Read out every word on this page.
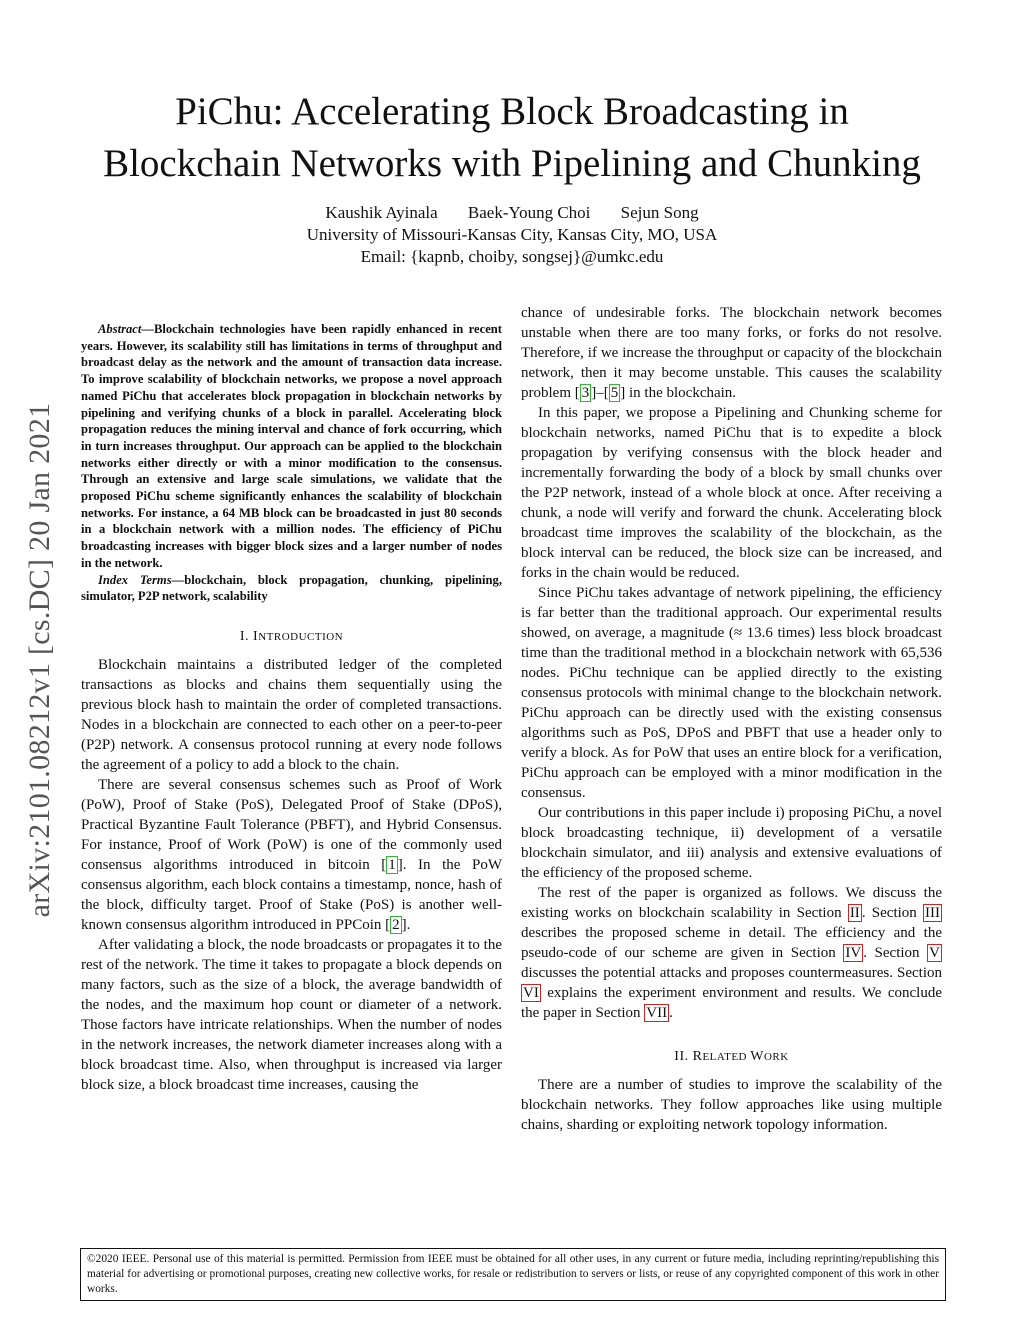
PiChu: Accelerating Block Broadcasting in
Blockchain Networks with Pipelining and Chunking
Kaushik Ayinala Baek-Young Choi Sejun Song
University of Missouri-Kansas City, Kansas City, MO, USA
Email: {kapnb, choiby, songsej}@umkc.edu
arXiv:2101.08212v1 [cs.DC] 20 Jan 2021
Abstract—Blockchain technologies have been rapidly enhanced in recent years. However, its scalability still has limitations in terms of throughput and broadcast delay as the network and the amount of transaction data increase. To improve scalability of blockchain networks, we propose a novel approach named PiChu that accelerates block propagation in blockchain networks by pipelining and verifying chunks of a block in parallel. Accelerating block propagation reduces the mining interval and chance of fork occurring, which in turn increases throughput. Our approach can be applied to the blockchain networks either directly or with a minor modification to the consensus. Through an extensive and large scale simulations, we validate that the proposed PiChu scheme significantly enhances the scalability of blockchain networks. For instance, a 64 MB block can be broadcasted in just 80 seconds in a blockchain network with a million nodes. The efficiency of PiChu broadcasting increases with bigger block sizes and a larger number of nodes in the network.
Index Terms—blockchain, block propagation, chunking, pipelining, simulator, P2P network, scalability
I. INTRODUCTION

Blockchain maintains a distributed ledger of the completed transactions as blocks and chains them sequentially using the previous block hash to maintain the order of completed transactions. Nodes in a blockchain are connected to each other on a peer-to-peer (P2P) network. A consensus protocol running at every node follows the agreement of a policy to add a block to the chain.

There are several consensus schemes such as Proof of Work (PoW), Proof of Stake (PoS), Delegated Proof of Stake (DPoS), Practical Byzantine Fault Tolerance (PBFT), and Hybrid Consensus. For instance, Proof of Work (PoW) is one of the commonly used consensus algorithms introduced in bitcoin [ 1 ]. In the PoW consensus algorithm, each block contains a timestamp, nonce, hash of the block, difficulty target. Proof of Stake (PoS) is another well-known consensus algorithm introduced in PPCoin [ 2 ].

After validating a block, the node broadcasts or propagates it to the rest of the network. The time it takes to propagate a block depends on many factors, such as the size of a block, the average bandwidth of the nodes, and the maximum hop count or diameter of a network. Those factors have intricate relationships. When the number of nodes in the network increases, the network diameter increases along with a block broadcast time. Also, when throughput is increased via larger block size, a block broadcast time increases, causing the

chance of undesirable forks. The blockchain network becomes unstable when there are too many forks, or forks do not resolve. Therefore, if we increase the throughput or capacity of the blockchain network, then it may become unstable. This causes the scalability problem [ 3 ]–[ 5 ] in the blockchain.

In this paper, we propose a Pipelining and Chunking scheme for blockchain networks, named PiChu that is to expedite a block propagation by verifying consensus with the block header and incrementally forwarding the body of a block by small chunks over the P2P network, instead of a whole block at once. After receiving a chunk, a node will verify and forward the chunk. Accelerating block broadcast time improves the scalability of the blockchain, as the block interval can be reduced, the block size can be increased, and forks in the chain would be reduced.

Since PiChu takes advantage of network pipelining, the efficiency is far better than the traditional approach. Our experimental results showed, on average, a magnitude (≈ 13.6 times) less block broadcast time than the traditional method in a blockchain network with 65,536 nodes. PiChu technique can be applied directly to the existing consensus protocols with minimal change to the blockchain network. PiChu approach can be directly used with the existing consensus algorithms such as PoS, DPoS and PBFT that use a header only to verify a block. As for PoW that uses an entire block for a verification, PiChu approach can be employed with a minor modification in the consensus.

Our contributions in this paper include i) proposing PiChu, a novel block broadcasting technique, ii) development of a versatile blockchain simulator, and iii) analysis and extensive evaluations of the efficiency of the proposed scheme.

The rest of the paper is organized as follows. We discuss the existing works on blockchain scalability in Section II . Section III describes the proposed scheme in detail. The efficiency and the pseudo-code of our scheme are given in Section IV . Section V discusses the potential attacks and proposes countermeasures. Section VI explains the experiment environment and results. We conclude the paper in Section VII .

II. RELATED WORK

There are a number of studies to improve the scalability of the blockchain networks. They follow approaches like using multiple chains, sharding or exploiting network topology information.

©2020 IEEE. Personal use of this material is permitted. Permission from IEEE must be obtained for all other uses, in any current or future media, including reprinting/republishing this material for advertising or promotional purposes, creating new collective works, for resale or redistribution to servers or lists, or reuse of any copyrighted component of this work in other works.
